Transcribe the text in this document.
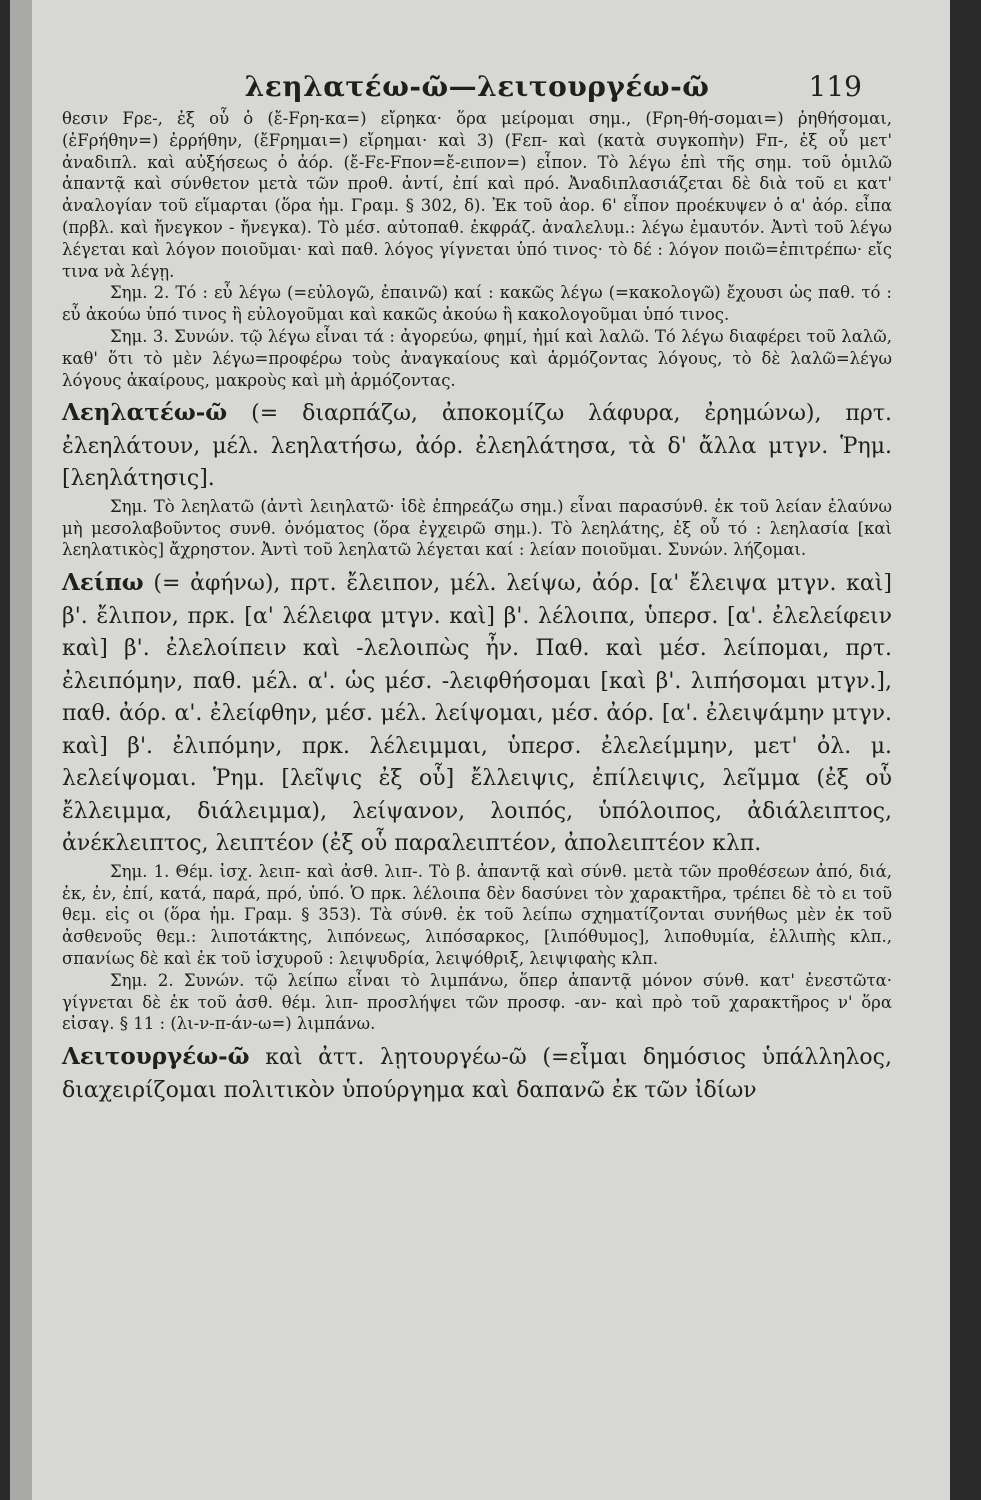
λεηλατέω-ῶ—λειτουργέω-ῶ	119

θεσιν Fρε-, ἐξ οὗ ὁ (ἔ-Fρη-κα=) εἴρηκα· ὅρα μείρομαι σημ., (Fρη-θή-σομαι=) ῥηθήσομαι, (ἐFρήθην=) ἐρρήθην, (ἔFρημαι=) εἴρημαι· καὶ 3) (Fεπ- καὶ (κατὰ συγκοπὴν) Fπ-, ἐξ οὗ μετ' ἀναδιπλ. καὶ αὐξήσεως ὁ ἀόρ. (ἔ-Fε-Fπον=ἔ-ειπον=) εἶπον. Τὸ λέγω ἐπὶ τῆς σημ. τοῦ ὁμιλῶ ἀπαντᾷ καὶ σύνθετον μετὰ τῶν προθ. ἀντί, ἐπί καὶ πρό. Ἀναδιπλασιάζεται δὲ διὰ τοῦ ει κατ' ἀναλογίαν τοῦ εἵμαρται (ὅρα ἡμ. Γραμ. § 302, δ). Ἐκ τοῦ ἀορ. 6' εἶπον προέκυψεν ὁ α' ἀόρ. εἶπα (πρβλ. καὶ ἤνεγκον - ἤνεγκα). Τὸ μέσ. αὐτοπαθ. ἐκφράζ. ἀναλελυμ.: λέγω ἐμαυτόν. Ἀντὶ τοῦ λέγω λέγεται καὶ λόγον ποιοῦμαι· καὶ παθ. λόγος γίγνεται ὑπό τινος· τὸ δέ : λόγον ποιῶ=ἐπιτρέπω· εἴς τινα νὰ λέγῃ.

Σημ. 2. Τό : εὖ λέγω (=εὐλογῶ, ἐπαινῶ) καί : κακῶς λέγω (=κακολογῶ) ἔχουσι ὡς παθ. τό : εὖ ἀκούω ὑπό τινος ἢ εὐλογοῦμαι καὶ κακῶς ἀκούω ἢ κακολογοῦμαι ὑπό τινος.

Σημ. 3. Συνών. τῷ λέγω εἶναι τά : ἀγορεύω, φημί, ἠμί καὶ λαλῶ. Τό λέγω διαφέρει τοῦ λαλῶ, καθ' ὅτι τὸ μὲν λέγω=προφέρω τοὺς ἀναγκαίους καὶ ἁρμόζοντας λόγους, τὸ δὲ λαλῶ=λέγω λόγους ἀκαίρους, μακροὺς καὶ μὴ ἁρμόζοντας.

Λεηλατέω-ῶ (= διαρπάζω, ἀποκομίζω λάφυρα, ἐρημώνω), πρτ. ἐλεηλάτουν, μέλ. λεηλατήσω, ἀόρ. ἐλεηλάτησα, τὰ δ' ἄλλα μτγν. Ῥημ. [λεηλάτησις].

Σημ. Τὸ λεηλατῶ (ἀντὶ λειηλατῶ· ἰδὲ ἐπηρεάζω σημ.) εἶναι παρασύνθ. ἐκ τοῦ λείαν ἐλαύνω μὴ μεσολαβοῦντος συνθ. ὀνόματος (ὅρα ἐγχειρῶ σημ.). Τὸ λεηλάτης, ἐξ οὗ τό : λεηλασία [καὶ λεηλατικὸς] ἄχρηστον. Ἀντὶ τοῦ λεηλατῶ λέγεται καί : λείαν ποιοῦμαι. Συνών. λήζομαι.

Λείπω (= ἀφήνω), πρτ. ἔλειπον, μέλ. λείψω, ἀόρ. [α' ἔλειψα μτγν. καὶ] β'. ἔλιπον, πρκ. [α' λέλειφα μτγν. καὶ] β'. λέλοιπα, ὑπερσ. [α'. ἐλελείφειν καὶ] β'. ἐλελοίπειν καὶ -λελοιπὼς ἦν. Παθ. καὶ μέσ. λείπομαι, πρτ. ἐλειπόμην, παθ. μέλ. α'. ὡς μέσ. -λειφθήσομαι [καὶ β'. λιπήσομαι μτγν.], παθ. ἀόρ. α'. ἐλείφθην, μέσ. μέλ. λείψομαι, μέσ. ἀόρ. [α'. ἐλειψάμην μτγν. καὶ] β'. ἐλιπόμην, πρκ. λέλειμμαι, ὑπερσ. ἐλελείμμην, μετ' ὀλ. μ. λελείψομαι. Ῥημ. [λεῖψις ἐξ οὗ] ἔλλειψις, ἐπίλειψις, λεῖμμα (ἐξ οὗ ἔλλειμμα, διάλειμμα), λείψανον, λοιπός, ὑπόλοιπος, ἀδιάλειπτος, ἀνέκλειπτος, λειπτέον (ἐξ οὗ παραλειπτέον, ἀπολειπτέον κλπ.

Σημ. 1. Θέμ. ἰσχ. λειπ- καὶ ἀσθ. λιπ-. Τὸ β. ἀπαντᾷ καὶ σύνθ. μετὰ τῶν προθέσεων ἀπό, διά, ἐκ, ἐν, ἐπί, κατά, παρά, πρό, ὑπό. Ὁ πρκ. λέλοιπα δὲν δασύνει τὸν χαρακτῆρα, τρέπει δὲ τὸ ει τοῦ θεμ. εἰς οι (ὅρα ἡμ. Γραμ. § 353). Τὰ σύνθ. ἐκ τοῦ λείπω σχηματίζονται συνήθως μὲν ἐκ τοῦ ἀσθενοῦς θεμ.: λιποτάκτης, λιπόνεως, λιπόσαρκος, [λιπόθυμος], λιποθυμία, ἐλλιπὴς κλπ., σπανίως δὲ καὶ ἐκ τοῦ ἰσχυροῦ : λειψυδρία, λειψόθριξ, λειψιφαὴς κλπ.

Σημ. 2. Συνών. τῷ λείπω εἶναι τὸ λιμπάνω, ὅπερ ἀπαντᾷ μόνον σύνθ. κατ' ἐνεστῶτα· γίγνεται δὲ ἐκ τοῦ ἀσθ. θέμ. λιπ- προσλήψει τῶν προσφ. -αν- καὶ πρὸ τοῦ χαρακτῆρος ν' ὅρα εἰσαγ. § 11 : (λι-ν-π-άν-ω=) λιμπάνω.

Λειτουργέω-ῶ καὶ ἀττ. λῃτουργέω-ῶ (=εἶμαι δημόσιος ὑπάλληλος, διαχειρίζομαι πολιτικὸν ὑπούργημα καὶ δαπανῶ ἐκ τῶν ἰδίων
